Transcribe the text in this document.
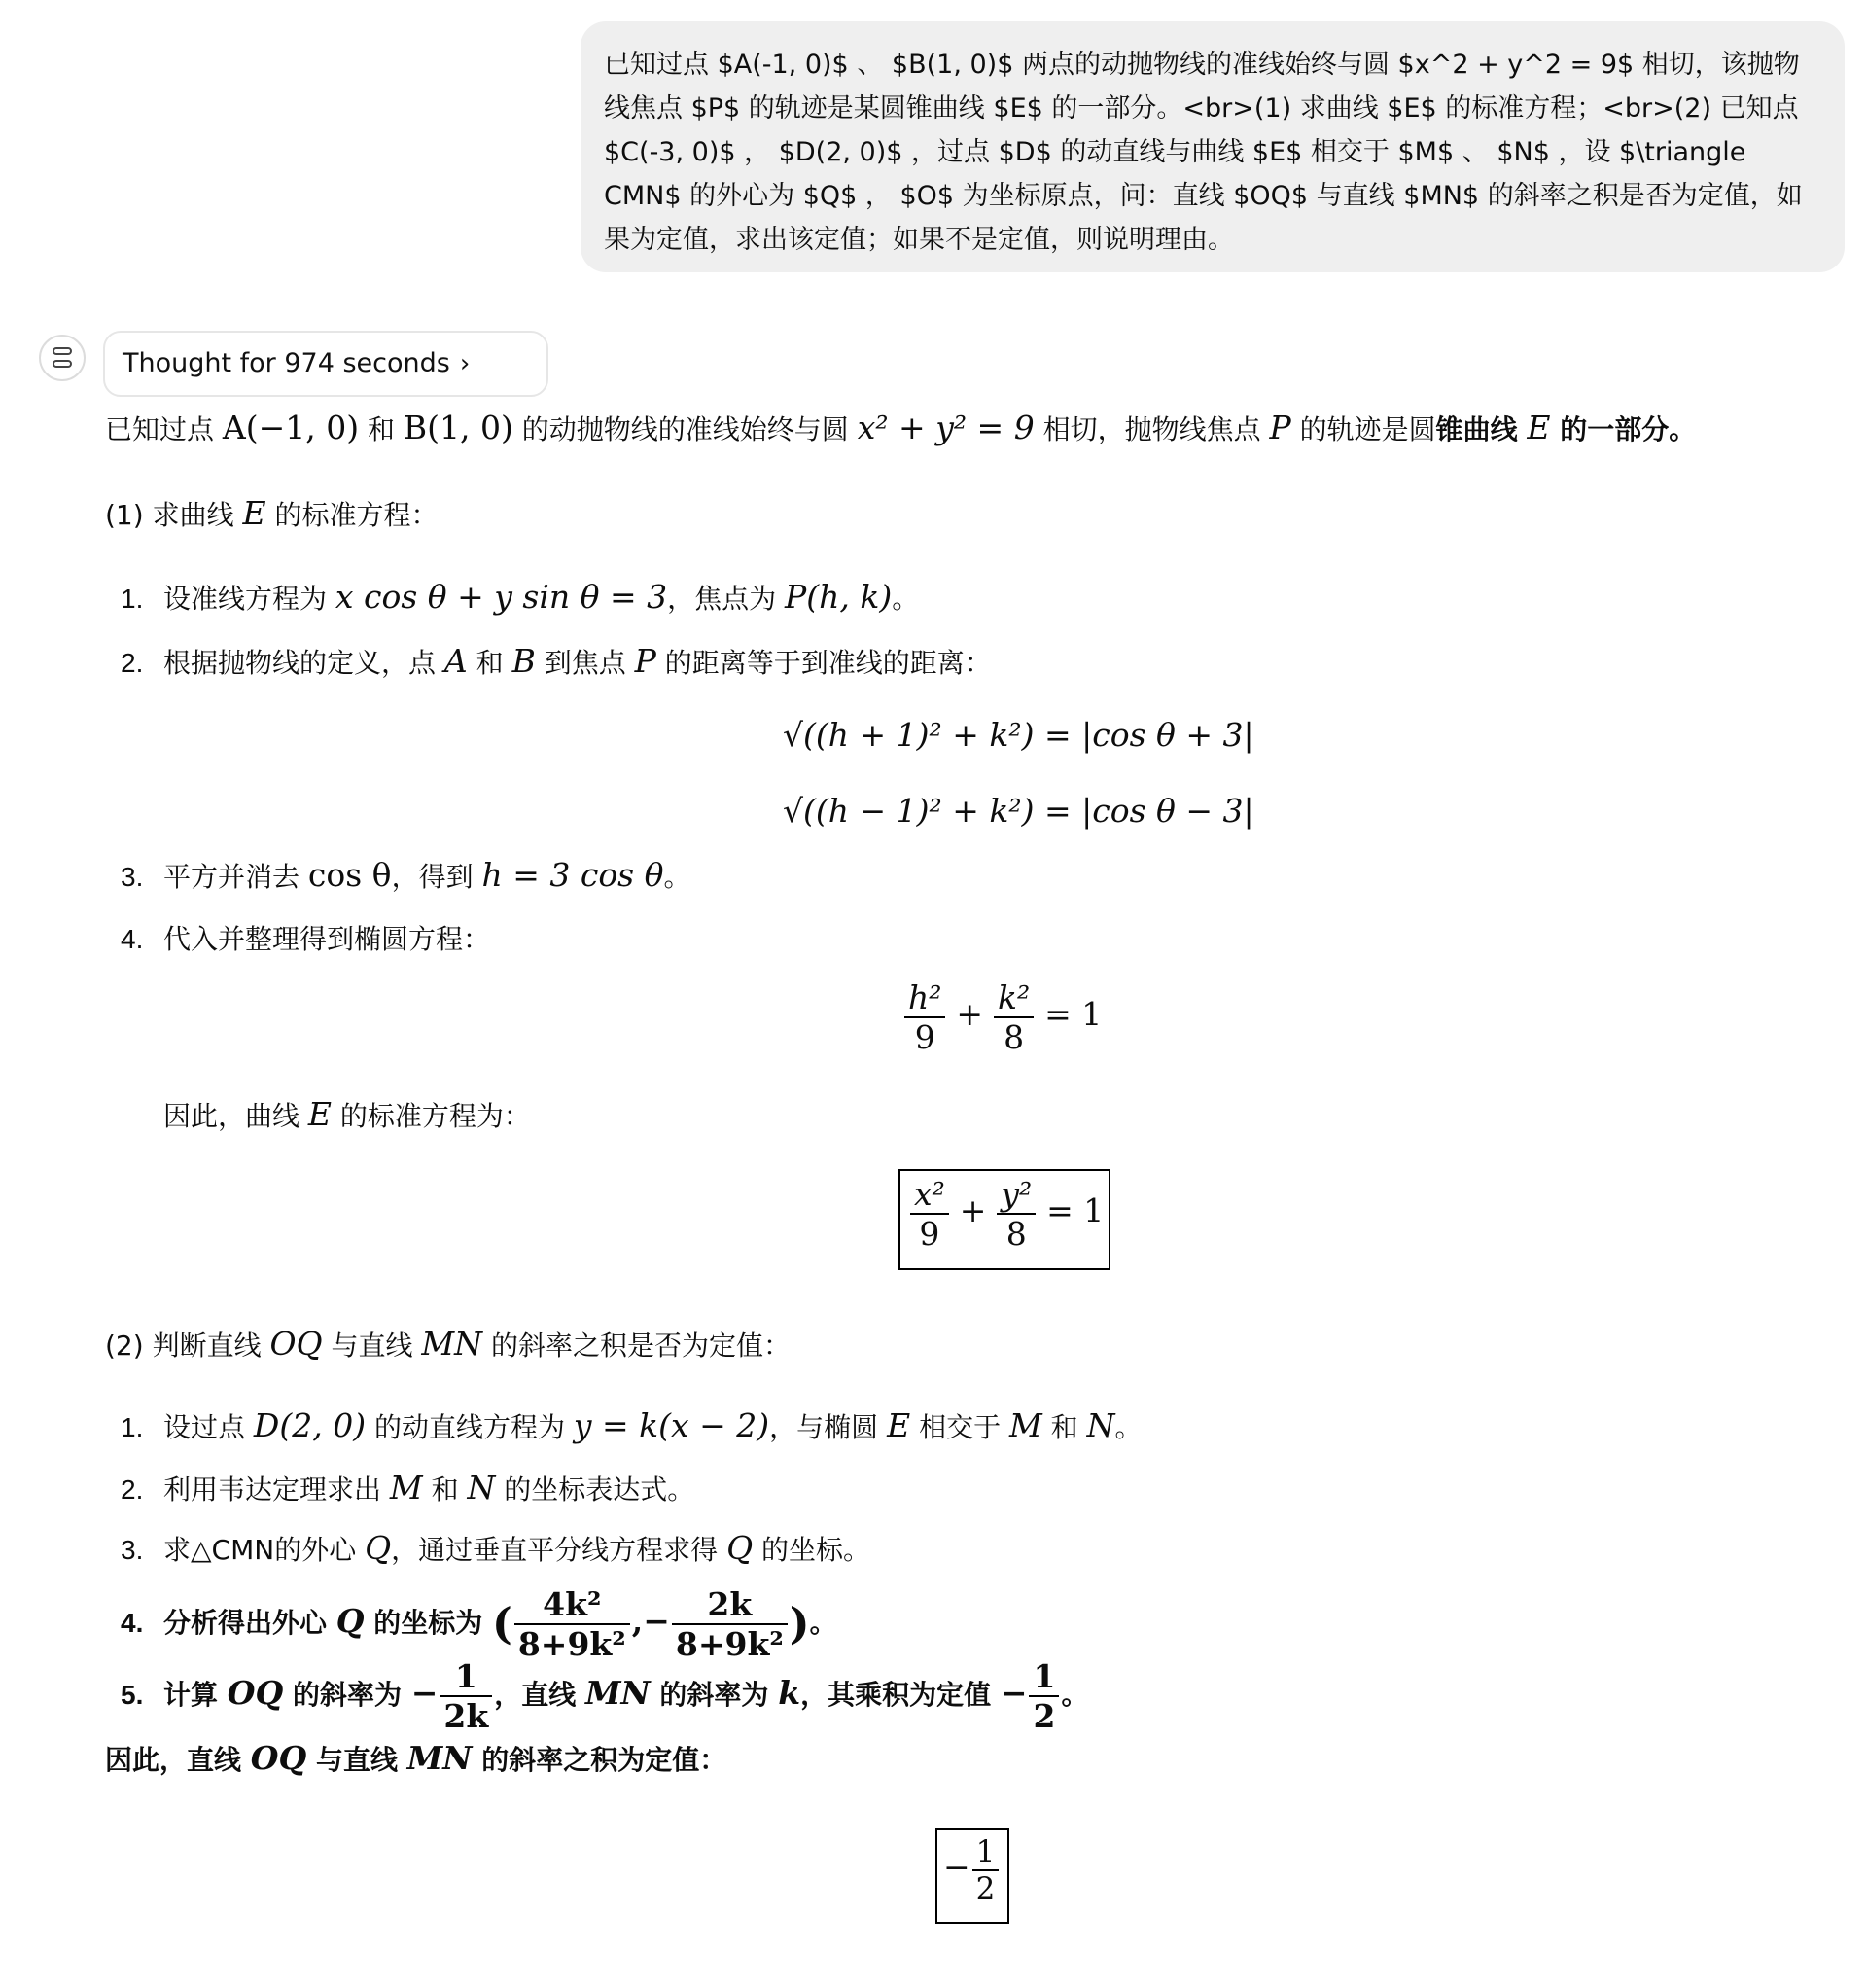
已知过点 $A(-1, 0)$ 、 $B(1, 0)$ 两点的动抛物线的准线始终与圆 $x^2 + y^2 = 9$ 相切，该抛物线焦点 $P$ 的轨迹是某圆锥曲线 $E$ 的一部分。<br>(1) 求曲线 $E$ 的标准方程；<br>(2) 已知点 $C(-3, 0)$ ， $D(2, 0)$ ，过点 $D$ 的动直线与曲线 $E$ 相交于 $M$ 、 $N$ ，设 $\triangle CMN$ 的外心为 $Q$ ， $O$ 为坐标原点，问：直线 $OQ$ 与直线 $MN$ 的斜率之积是否为定值，如果为定值，求出该定值；如果不是定值，则说明理由。
Thought for 974 seconds ›
已知过点 A(−1, 0) 和 B(1, 0) 的动抛物线的准线始终与圆 x² + y² = 9 相切，抛物线焦点 P 的轨迹是圆锥曲线 E 的一部分。
(1) 求曲线 E 的标准方程：
1. 设准线方程为 x cos θ + y sin θ = 3，焦点为 P(h, k)。
2. 根据抛物线的定义，点 A 和 B 到焦点 P 的距离等于到准线的距离：
√((h + 1)² + k²) = |cos θ + 3|
√((h − 1)² + k²) = |cos θ − 3|
3. 平方并消去 cos θ，得到 h = 3 cos θ。
4. 代入并整理得到椭圆方程：
$\frac{\text{h²}}{9} + \frac{\text{k²}}{8} = 1$
因此，曲线 E 的标准方程为：
$\frac{\text{x²}}{9} + \frac{\text{y²}}{8} = 1$
(2) 判断直线 OQ 与直线 MN 的斜率之积是否为定值：
1. 设过点 D(2, 0) 的动直线方程为 y = k(x − 2)，与椭圆 E 相交于 M 和 N。
2. 利用韦达定理求出 M 和 N 的坐标表达式。
3. 求△CMN的外心 Q，通过垂直平分线方程求得 Q 的坐标。
4. 分析得出外心 Q 的坐标为 ( $\frac{\text{4k²}}{\text{8+9k²}}$ ,− $\frac{2k}{\text{8+9k²}}$ )。
5. 计算 OQ 的斜率为 − $\frac{1}{2k}$ ，直线 MN 的斜率为 k，其乘积为定值 − $\frac{1}{2}$ 。
因此，直线 OQ 与直线 MN 的斜率之积为定值：
− $\frac{1}{2}$
